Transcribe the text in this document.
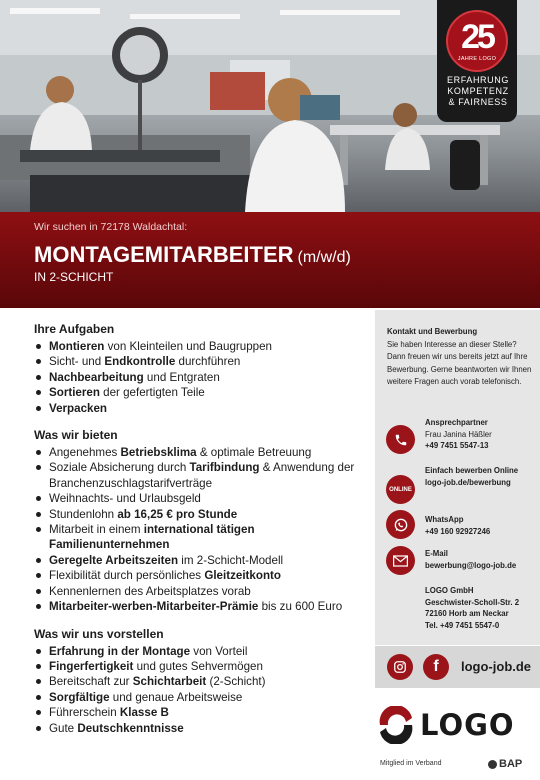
25
JAHRE LOGO
ERFAHRUNG
KOMPETENZ
& FAIRNESS
Wir suchen in 72178 Waldachtal:
MONTAGEMITARBEITER (m/w/d)
IN 2-SCHICHT
Ihre Aufgaben
Montieren von Kleinteilen und Baugruppen
Sicht- und Endkontrolle durchführen
Nachbearbeitung und Entgraten
Sortieren der gefertigten Teile
Verpacken
Was wir bieten
Angenehmes Betriebsklima & optimale Betreuung
Soziale Absicherung durch Tarifbindung & Anwendung der Branchenzuschlagstarifverträge
Weihnachts- und Urlaubsgeld
Stundenlohn ab 16,25 € pro Stunde
Mitarbeit in einem international tätigen Familienunternehmen
Geregelte Arbeitszeiten im 2-Schicht-Modell
Flexibilität durch persönliches Gleitzeitkonto
Kennenlernen des Arbeitsplatzes vorab
Mitarbeiter-werben-Mitarbeiter-Prämie bis zu 600 Euro
Was wir uns vorstellen
Erfahrung in der Montage von Vorteil
Fingerfertigkeit und gutes Sehvermögen
Bereitschaft zur Schichtarbeit (2-Schicht)
Sorgfältige und genaue Arbeitsweise
Führerschein Klasse B
Gute Deutschkenntnisse
Kontakt und Bewerbung
Sie haben Interesse an dieser Stelle? Dann freuen wir uns bereits jetzt auf Ihre Bewerbung. Gerne beantworten wir Ihnen weitere Fragen auch vorab telefonisch.
Ansprechpartner
Frau Janina Häßler
+49 7451 5547-13
ONLINE
Einfach bewerben Online
logo-job.de/bewerbung
WhatsApp
+49 160 92927246
E-Mail
bewerbung@logo-job.de
LOGO GmbH
Geschwister-Scholl-Str. 2
72160 Horb am Neckar
Tel. +49 7451 5547-0
f logo-job.de
LOGO
Mitglied im Verband	BAP
